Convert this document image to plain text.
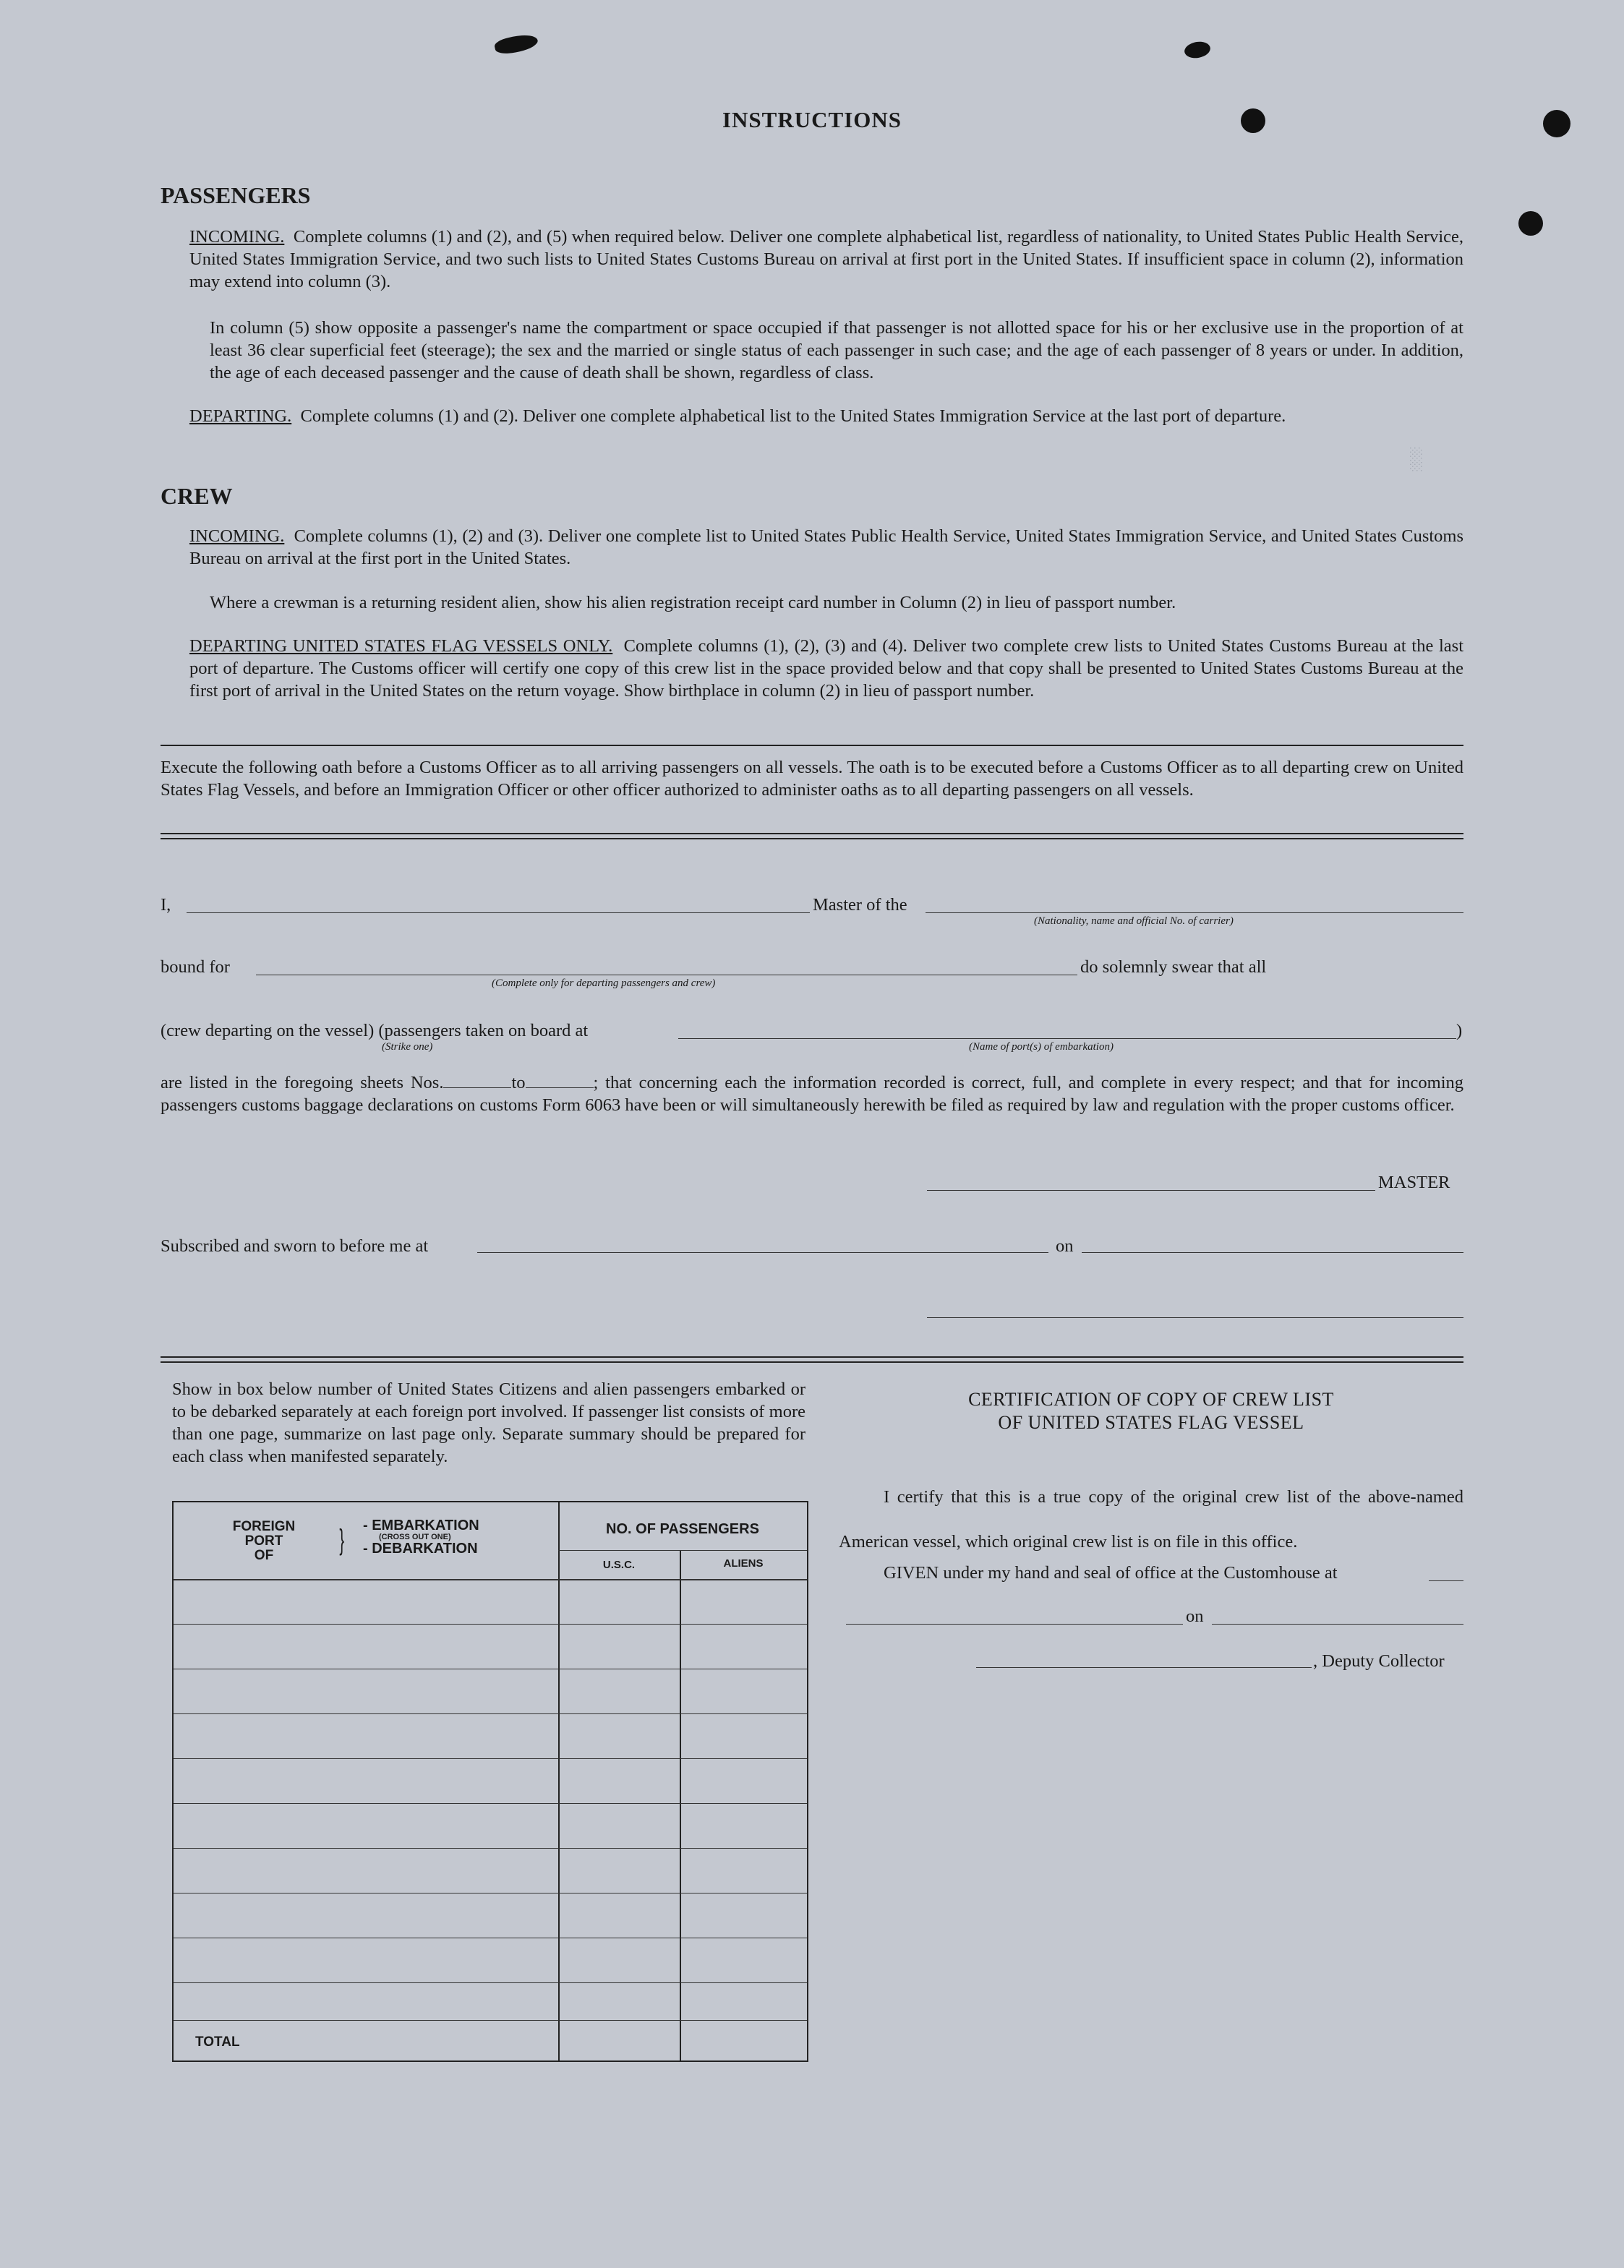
░
INSTRUCTIONS
PASSENGERS
INCOMING. Complete columns (1) and (2), and (5) when required below. Deliver one complete alphabetical list, regardless of nationality, to United States Public Health Service, United States Immigration Service, and two such lists to United States Customs Bureau on arrival at first port in the United States. If insufficient space in column (2), information may extend into column (3).
In column (5) show opposite a passenger's name the compartment or space occupied if that passenger is not allotted space for his or her exclusive use in the proportion of at least 36 clear superficial feet (steerage); the sex and the married or single status of each passenger in such case; and the age of each passenger of 8 years or under. In addition, the age of each deceased passenger and the cause of death shall be shown, regardless of class.
DEPARTING. Complete columns (1) and (2). Deliver one complete alphabetical list to the United States Immigration Service at the last port of departure.
CREW
INCOMING. Complete columns (1), (2) and (3). Deliver one complete list to United States Public Health Service, United States Immigration Service, and United States Customs Bureau on arrival at the first port in the United States.
Where a crewman is a returning resident alien, show his alien registration receipt card number in Column (2) in lieu of passport number.
DEPARTING UNITED STATES FLAG VESSELS ONLY. Complete columns (1), (2), (3) and (4). Deliver two complete crew lists to United States Customs Bureau at the last port of departure. The Customs officer will certify one copy of this crew list in the space provided below and that copy shall be presented to United States Customs Bureau at the first port of arrival in the United States on the return voyage. Show birthplace in column (2) in lieu of passport number.
Execute the following oath before a Customs Officer as to all arriving passengers on all vessels. The oath is to be executed before a Customs Officer as to all departing crew on United States Flag Vessels, and before an Immigration Officer or other officer authorized to administer oaths as to all departing passengers on all vessels.
I,	Master of the
(Nationality, name and official No. of carrier)
bound for
(Complete only for departing passengers and crew)
do solemnly swear that all
(crew departing on the vessel) (passengers taken on board at	)
(Strike one)	(Name of port(s) of embarkation)
are listed in the foregoing sheets Nos.	to	; that concerning each the information recorded is correct, full, and complete in every respect; and that for incoming passengers customs baggage declarations on customs Form 6063 have been or will simultaneously herewith be filed as required by law and regulation with the proper customs officer.
MASTER
Subscribed and sworn to before me at	on
Show in box below number of United States Citizens and alien passengers embarked or to be debarked separately at each foreign port involved. If passenger list consists of more than one page, summarize on last page only. Separate summary should be prepared for each class when manifested separately.
FOREIGN
PORT
OF	} - EMBARKATION
(CROSS OUT ONE)
- DEBARKATION
NO. OF PASSENGERS
U.S.C.	ALIENS
TOTAL
CERTIFICATION OF COPY OF CREW LIST
OF UNITED STATES FLAG VESSEL
I certify that this is a true copy of the original crew list of the above-named American vessel, which original crew list is on file in this office.
GIVEN under my hand and seal of office at the Customhouse at
on
, Deputy Collector
